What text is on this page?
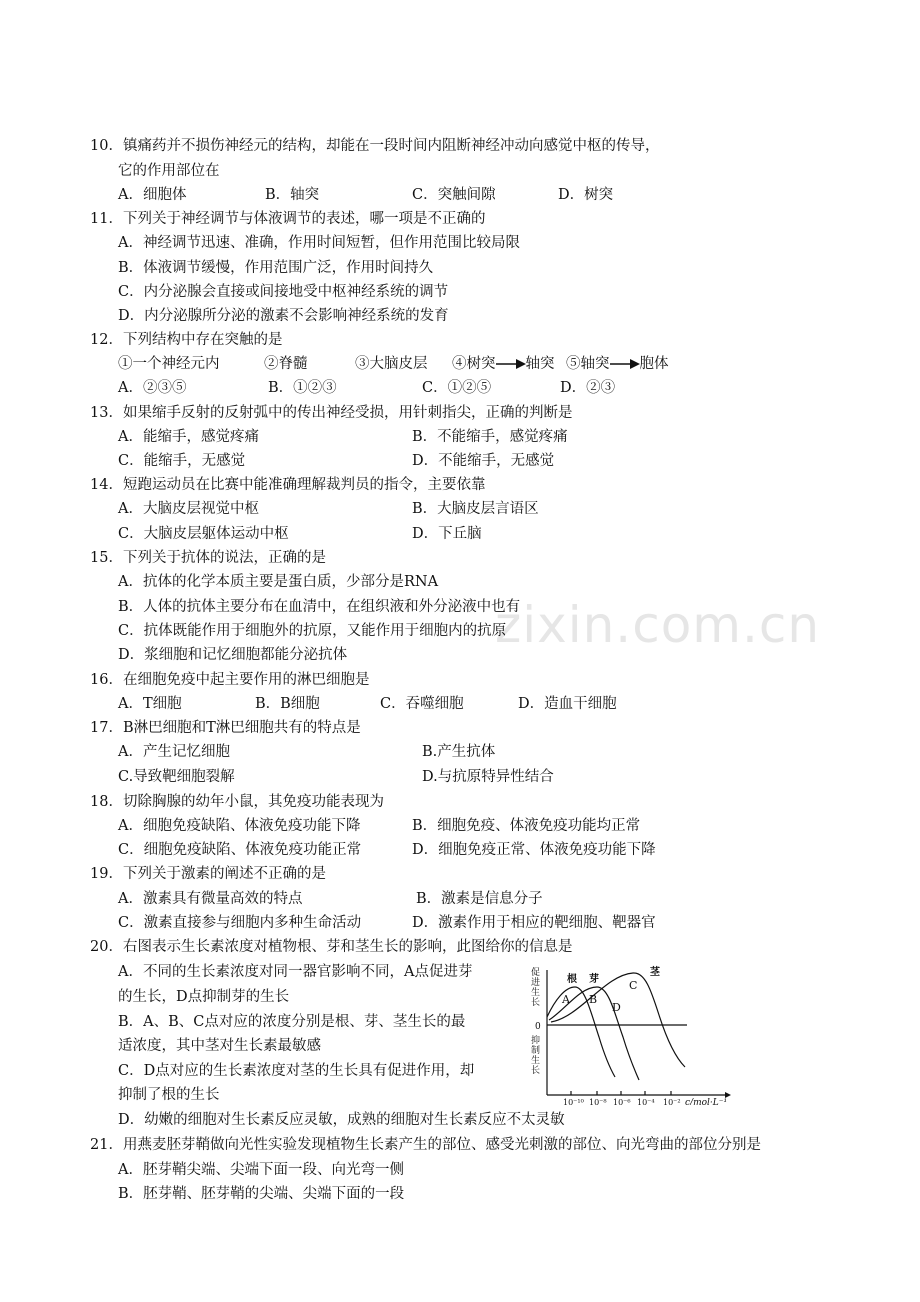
zixin.com.cn
10．镇痛药并不损伤神经元的结构，却能在一段时间内阻断神经冲动向感觉中枢的传导，
它的作用部位在
A．细胞体	B．轴突	C．突触间隙	D．树突
11．下列关于神经调节与体液调节的表述，哪一项是不正确的
A．神经调节迅速、准确，作用时间短暂，但作用范围比较局限
B．体液调节缓慢，作用范围广泛，作用时间持久
C．内分泌腺会直接或间接地受中枢神经系统的调节
D．内分泌腺所分泌的激素不会影响神经系统的发育
12．下列结构中存在突触的是
①一个神经元内	②脊髓	③大脑皮层 ④树突 轴突 ⑤轴突 胞体
A．②③⑤	B．①②③	C．①②⑤	D．②③
13．如果缩手反射的反射弧中的传出神经受损，用针刺指尖，正确的判断是
A．能缩手，感觉疼痛	B．不能缩手，感觉疼痛
C．能缩手，无感觉	D．不能缩手，无感觉
14．短跑运动员在比赛中能准确理解裁判员的指令，主要依靠
A．大脑皮层视觉中枢	B．大脑皮层言语区
C．大脑皮层躯体运动中枢	D．下丘脑
15．下列关于抗体的说法，正确的是
A．抗体的化学本质主要是蛋白质，少部分是RNA
B．人体的抗体主要分布在血清中，在组织液和外分泌液中也有
C．抗体既能作用于细胞外的抗原，又能作用于细胞内的抗原
D．浆细胞和记忆细胞都能分泌抗体
16．在细胞免疫中起主要作用的淋巴细胞是
A．T细胞	B．B细胞	C．吞噬细胞	D．造血干细胞
17．B淋巴细胞和T淋巴细胞共有的特点是
A．产生记忆细胞	B.产生抗体
C.导致靶细胞裂解	D.与抗原特异性结合
18．切除胸腺的幼年小鼠，其免疫功能表现为
A．细胞免疫缺陷、体液免疫功能下降	B．细胞免疫、体液免疫功能均正常
C．细胞免疫缺陷、体液免疫功能正常	D．细胞免疫正常、体液免疫功能下降
19．下列关于激素的阐述不正确的是
A．激素具有微量高效的特点	B．激素是信息分子
C．激素直接参与细胞内多种生命活动	D．激素作用于相应的靶细胞、靶器官
20．右图表示生长素浓度对植物根、芽和茎生长的影响，此图给你的信息是
A．不同的生长素浓度对同一器官影响不同，A点促进芽
的生长，D点抑制芽的生长
B．A、B、C点对应的浓度分别是根、芽、茎生长的最
适浓度，其中茎对生长素最敏感
C．D点对应的生长素浓度对茎的生长具有促进作用，却
抑制了根的生长
D．幼嫩的细胞对生长素反应灵敏，成熟的细胞对生长素反应不太灵敏
促进生长
0
抑制生长
根 芽
茎
A B
C
D
10⁻¹⁰ 10⁻⁸ 10⁻⁶ 10⁻⁴ 10⁻² c/mol·L⁻¹
21．用燕麦胚芽鞘做向光性实验发现植物生长素产生的部位、感受光刺激的部位、向光弯曲的部位分别是
A．胚芽鞘尖端、尖端下面一段、向光弯一侧
B．胚芽鞘、胚芽鞘的尖端、尖端下面的一段
